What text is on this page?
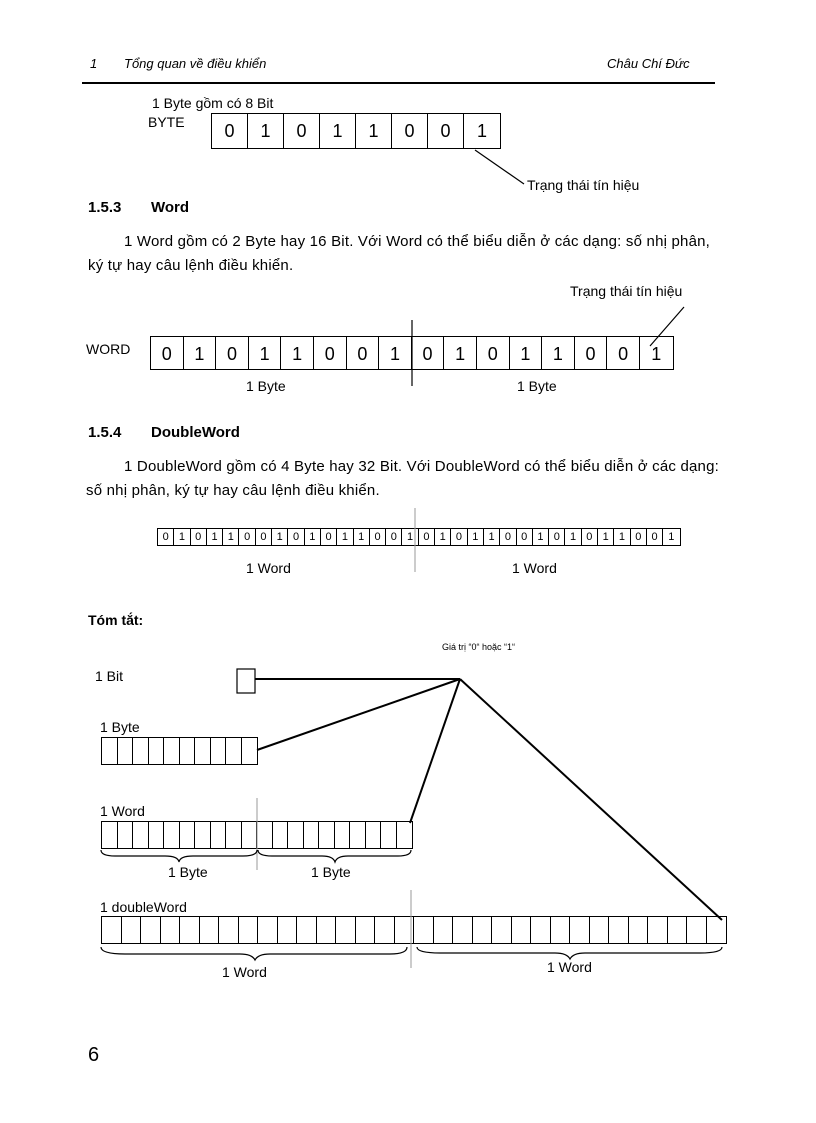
1 Tổng quan về điều khiển	Châu Chí Đức
1 Byte gồm có 8 Bit
BYTE	0	1	0	1	1	0	0	1
Trạng thái tín hiệu
1.5.3 Word
1 Word gồm có 2 Byte hay 16 Bit. Với Word có thể biểu diễn ở các dạng: số nhị phân, ký tự hay câu lệnh điều khiển.
Trạng thái tín hiệu
WORD	0	1	0	1	1	0	0	1	0	1	0	1	1	0	0	1
1 Byte	1 Byte
1.5.4 DoubleWord
1 DoubleWord gồm có 4 Byte hay 32 Bit. Với DoubleWord có thể biểu diễn ở các dạng: số nhị phân, ký tự hay câu lệnh điều khiển.
0 1 0 1 1 0 0 1 0 1 0 1 1 0 0 1 0 1 0 1 1 0 0 1 0 1 0 1 1 0 0 1
1 Word	1 Word
Tóm tắt:
Giá trị “0“ hoặc “1“
1 Bit
1 Byte
1 Word
1 Byte	1 Byte
1 doubleWord
1 Word	1 Word
6
